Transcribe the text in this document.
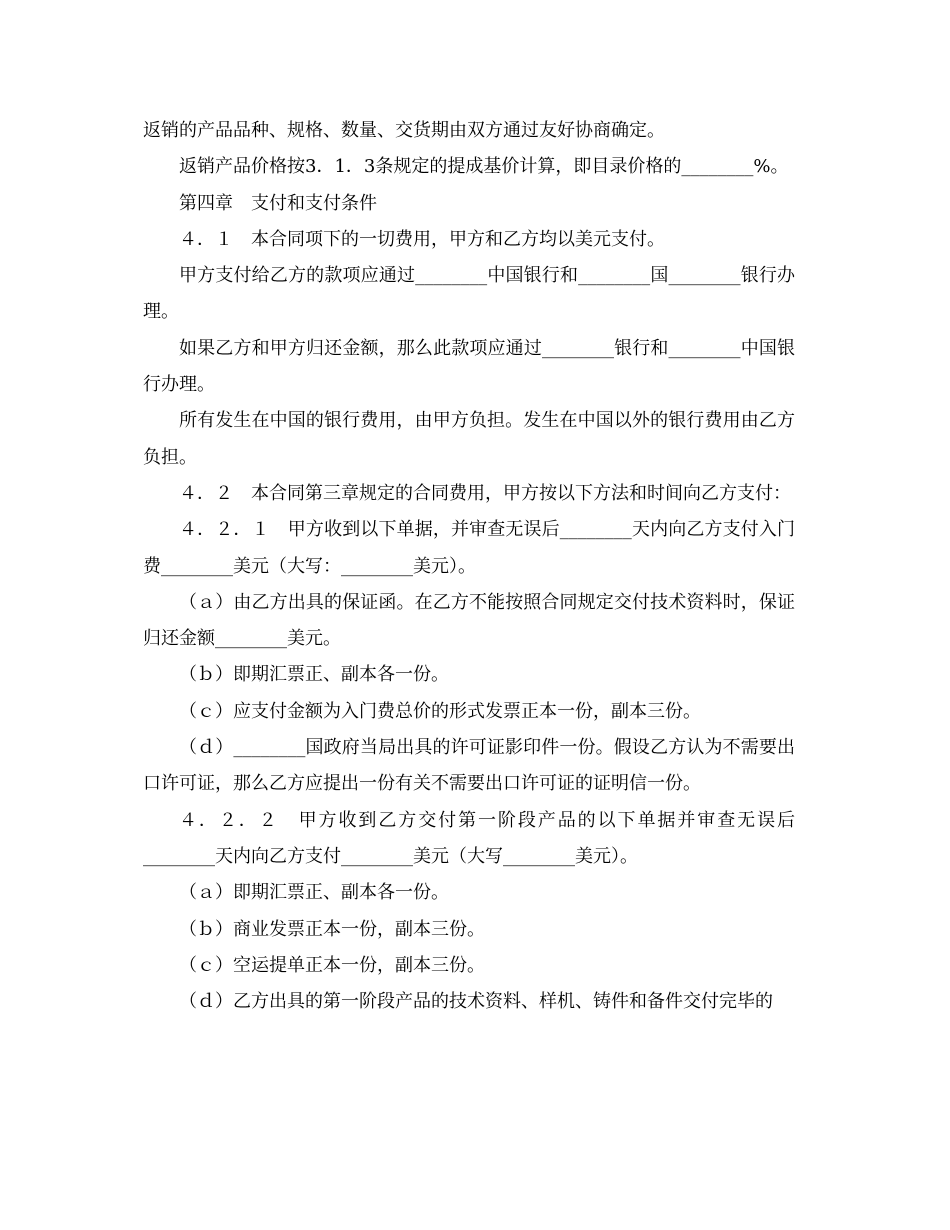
返销的产品品种、规格、数量、交货期由双方通过友好协商确定。

返销产品价格按3．1．3条规定的提成基价计算，即目录价格的________%。

第四章　支付和支付条件

４．１　本合同项下的一切费用，甲方和乙方均以美元支付。

甲方支付给乙方的款项应通过________中国银行和________国________银行办理。

如果乙方和甲方归还金额，那么此款项应通过________银行和________中国银行办理。

所有发生在中国的银行费用，由甲方负担。发生在中国以外的银行费用由乙方负担。

４．２　本合同第三章规定的合同费用，甲方按以下方法和时间向乙方支付：

４．２．１　甲方收到以下单据，并审查无误后________天内向乙方支付入门费________美元（大写：________美元）。

（ａ）由乙方出具的保证函。在乙方不能按照合同规定交付技术资料时，保证归还金额________美元。

（ｂ）即期汇票正、副本各一份。

（ｃ）应支付金额为入门费总价的形式发票正本一份，副本三份。

（ｄ）________国政府当局出具的许可证影印件一份。假设乙方认为不需要出口许可证，那么乙方应提出一份有关不需要出口许可证的证明信一份。

４．２．２　甲方收到乙方交付第一阶段产品的以下单据并审查无误后________天内向乙方支付________美元（大写________美元）。

（ａ）即期汇票正、副本各一份。

（ｂ）商业发票正本一份，副本三份。

（ｃ）空运提单正本一份，副本三份。

（ｄ）乙方出具的第一阶段产品的技术资料、样机、铸件和备件交付完毕的
